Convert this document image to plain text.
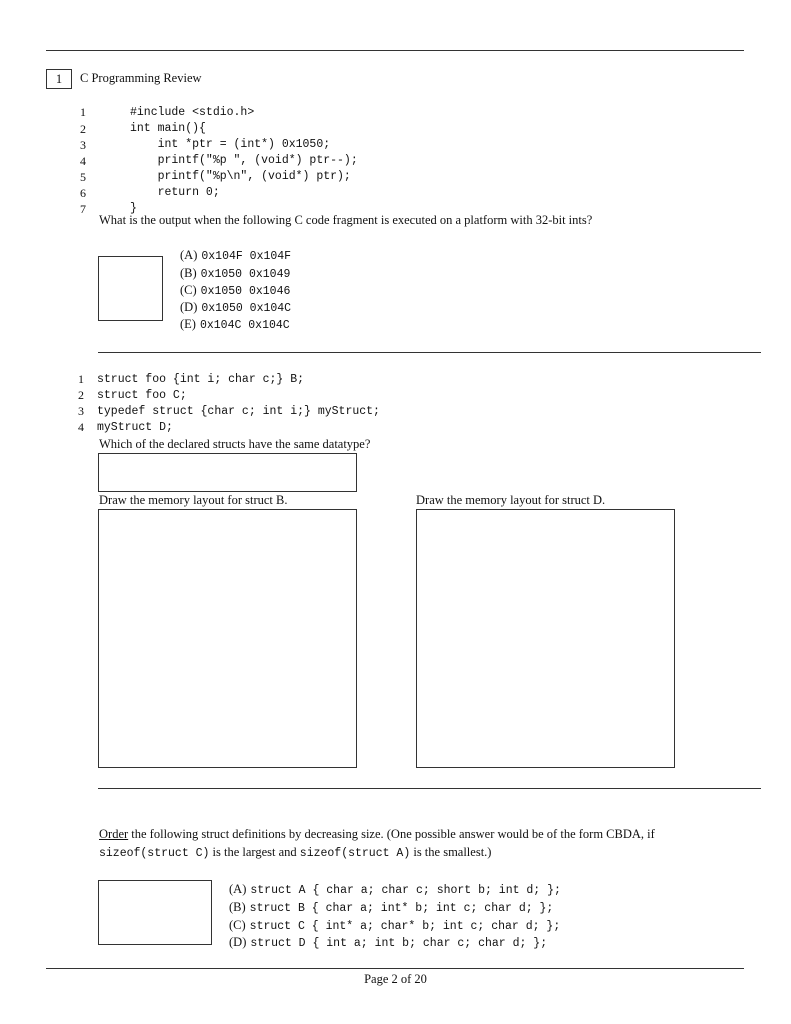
1	C Programming Review
1
2
3
4
5
6
7
#include <stdio.h>
int main(){
int *ptr = (int*) 0x1050;
printf("%p ", (void*) ptr--);
printf("%p\n", (void*) ptr);
return 0;
}
What is the output when the following C code fragment is executed on a platform with 32-bit ints?
(A) 0x104F 0x104F
(B) 0x1050 0x1049
(C) 0x1050 0x1046
(D) 0x1050 0x104C
(E) 0x104C 0x104C
1
2
3
4
struct foo {int i; char c;} B;
struct foo C;
typedef struct {char c; int i;} myStruct;
myStruct D;
Which of the declared structs have the same datatype?
Draw the memory layout for struct B.	Draw the memory layout for struct D.
Order the following struct definitions by decreasing size. (One possible answer would be of the form CBDA, if
sizeof(struct C) is the largest and sizeof(struct A) is the smallest.)
(A) struct A { char a; char c; short b; int d; };
(B) struct B { char a; int* b; int c; char d; };
(C) struct C { int* a; char* b; int c; char d; };
(D) struct D { int a; int b; char c; char d; };
Page 2 of 20
